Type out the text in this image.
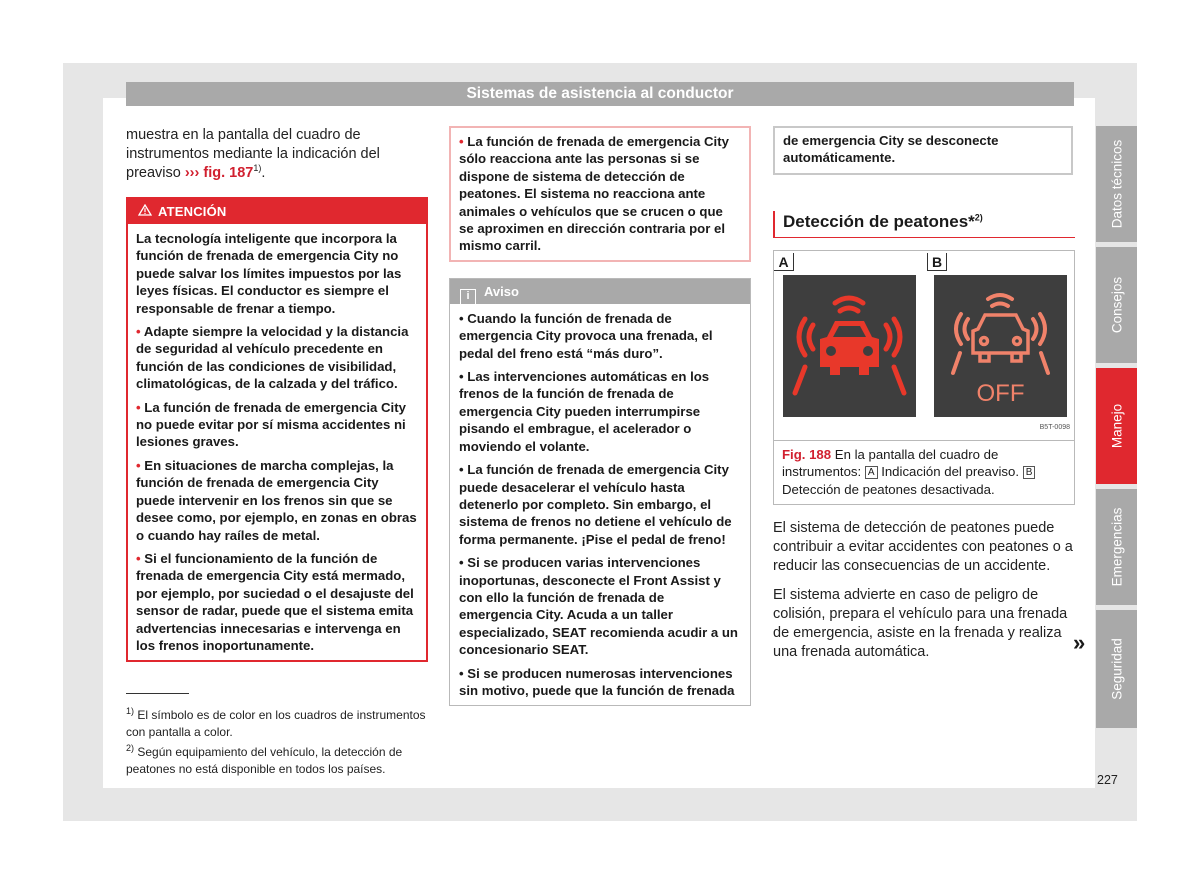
Sistemas de asistencia al conductor

muestra en la pantalla del cuadro de instrumentos mediante la indicación del preaviso ››› fig. 187$^{1)}$.

ATENCIÓN

La tecnología inteligente que incorpora la función de frenada de emergencia City no puede salvar los límites impuestos por las leyes físicas. El conductor es siempre el responsable de frenar a tiempo.

• Adapte siempre la velocidad y la distancia de seguridad al vehículo precedente en función de las condiciones de visibilidad, climatológicas, de la calzada y del tráfico.

• La función de frenada de emergencia City no puede evitar por sí misma accidentes ni lesiones graves.

• En situaciones de marcha complejas, la función de frenada de emergencia City puede intervenir en los frenos sin que se desee como, por ejemplo, en zonas en obras o cuando hay raíles de metal.

• Si el funcionamiento de la función de frenada de emergencia City está mermado, por ejemplo, por suciedad o el desajuste del sensor de radar, puede que el sistema emita advertencias innecesarias e intervenga en los frenos inoportunamente.

• La función de frenada de emergencia City sólo reacciona ante las personas si se dispone de sistema de detección de peatones. El sistema no reacciona ante animales o vehículos que se crucen o que se aproximen en dirección contraria por el mismo carril.
i Aviso

• Cuando la función de frenada de emergencia City provoca una frenada, el pedal del freno está “más duro”.

• Las intervenciones automáticas en los frenos de la función de frenada de emergencia City pueden interrumpirse pisando el embrague, el acelerador o moviendo el volante.

• La función de frenada de emergencia City puede desacelerar el vehículo hasta detenerlo por completo. Sin embargo, el sistema de frenos no detiene el vehículo de forma permanente. ¡Pise el pedal de freno!

• Si se producen varias intervenciones inoportunas, desconecte el Front Assist y con ello la función de frenada de emergencia City. Acuda a un taller especializado, SEAT recomienda acudir a un concesionario SEAT.

• Si se producen numerosas intervenciones sin motivo, puede que la función de frenada

de emergencia City se desconecte automáticamente.
Detección de peatones*$^{2)}$
A	B
OFF
B5T-0098
Fig. 188 En la pantalla del cuadro de instrumentos: A Indicación del preaviso. B Detección de peatones desactivada.

El sistema de detección de peatones puede contribuir a evitar accidentes con peatones o a reducir las consecuencias de un accidente.

El sistema advierte en caso de peligro de colisión, prepara el vehículo para una frenada de emergencia, asiste en la frenada y realiza una frenada automática.	»

$^{1)}$ El símbolo es de color en los cuadros de instrumentos con pantalla a color.

$^{2)}$ Según equipamiento del vehículo, la detección de peatones no está disponible en todos los países.

Datos técnicos
Consejos
Manejo
Emergencias
Seguridad
227
